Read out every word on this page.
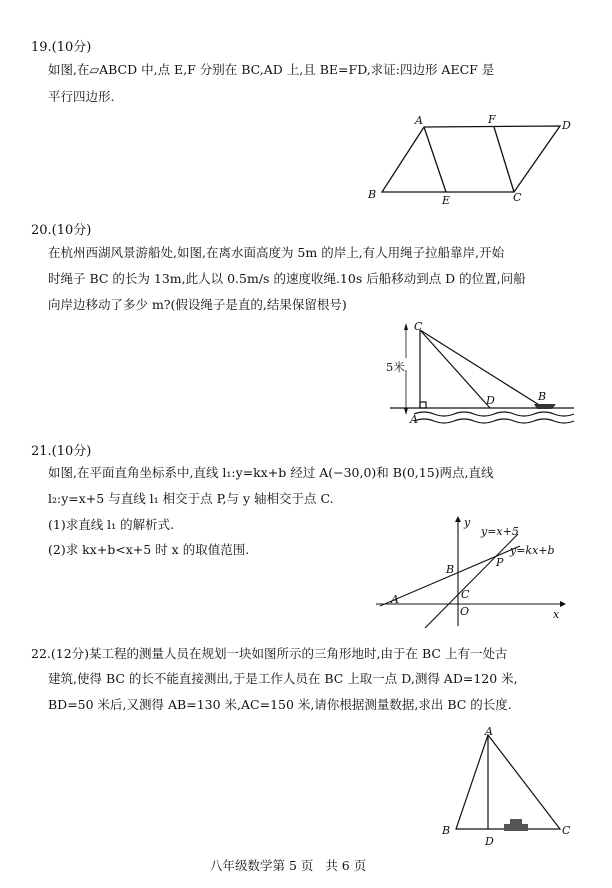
19.(10分)
如图,在▱ABCD 中,点 E,F 分别在 BC,AD 上,且 BE=FD,求证:四边形 AECF 是
平行四边形.
A	F	D
B	E	C
20.(10分)
在杭州西湖风景游船处,如图,在离水面高度为 5m 的岸上,有人用绳子拉船靠岸,开始
时绳子 BC 的长为 13m,此人以 0.5m/s 的速度收绳.10s 后船移动到点 D 的位置,问船
向岸边移动了多少 m?(假设绳子是直的,结果保留根号)
C
5米
A
D	B
21.(10分)
如图,在平面直角坐标系中,直线 l₁:y=kx+b 经过 A(−30,0)和 B(0,15)两点,直线
l₂:y=x+5 与直线 l₁ 相交于点 P,与 y 轴相交于点 C.
(1)求直线 l₁ 的解析式.
(2)求 kx+b<x+5 时 x 的取值范围.
y
x
O
A
B
C
P
y=x+5
y=kx+b
22.(12分)某工程的测量人员在规划一块如图所示的三角形地时,由于在 BC 上有一处古
建筑,使得 BC 的长不能直接测出,于是工作人员在 BC 上取一点 D,测得 AD=120 米,
BD=50 米后,又测得 AB=130 米,AC=150 米,请你根据测量数据,求出 BC 的长度.
A
B
D
C
八年级数学第 5 页   共 6 页
